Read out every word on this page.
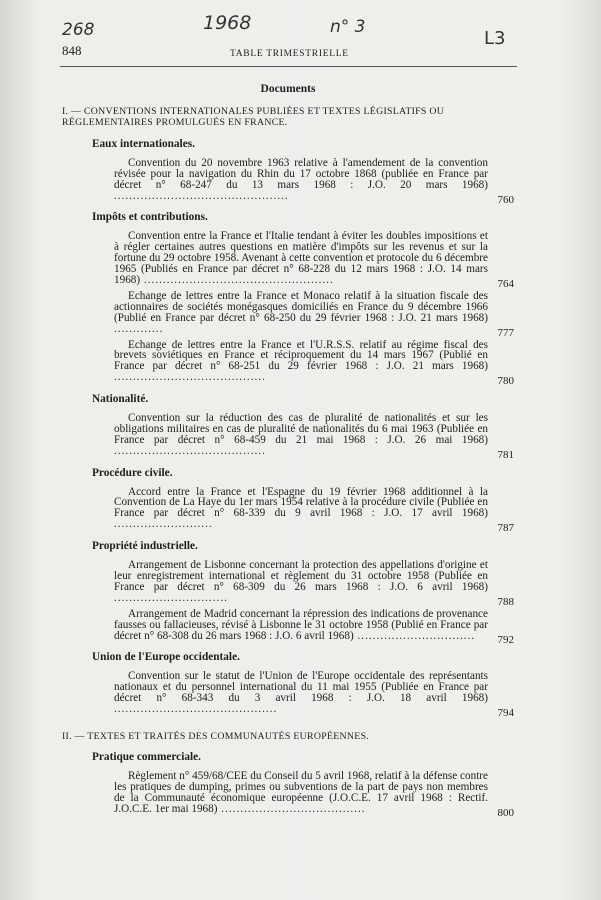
268	1968	n° 3
L3
848	TABLE TRIMESTRIELLE
Documents
I. — CONVENTIONS INTERNATIONALES PUBLIÉES ET TEXTES LÉGISLATIFS OU RÉGLEMENTAIRES PROMULGUÉS EN FRANCE.
Eaux internationales.
Convention du 20 novembre 1963 relative à l'amendement de la convention révisée pour la navigation du Rhin du 17 octobre 1868 (publiée en France par décret n° 68-247 du 13 mars 1968 : J.O. 20 mars 1968) ..............................................	760
Impôts et contributions.
Convention entre la France et l'Italie tendant à éviter les doubles impositions et à régler certaines autres questions en matière d'impôts sur les revenus et sur la fortune du 29 octobre 1958. Avenant à cette convention et protocole du 6 décembre 1965 (Publiés en France par décret n° 68-228 du 12 mars 1968 : J.O. 14 mars 1968) ..................................................	764
Echange de lettres entre la France et Monaco relatif à la situation fiscale des actionnaires de sociétés monégasques domiciliés en France du 9 décembre 1966 (Publié en France par décret n° 68-250 du 29 février 1968 : J.O. 21 mars 1968) .............	777
Echange de lettres entre la France et l'U.R.S.S. relatif au régime fiscal des brevets soviétiques en France et réciproquement du 14 mars 1967 (Publié en France par décret n° 68-251 du 29 février 1968 : J.O. 21 mars 1968) ........................................	780
Nationalité.
Convention sur la réduction des cas de pluralité de nationalités et sur les obligations militaires en cas de pluralité de nationalités du 6 mai 1963 (Publiée en France par décret n° 68-459 du 21 mai 1968 : J.O. 26 mai 1968) ........................................	781
Procédure civile.
Accord entre la France et l'Espagne du 19 février 1968 additionnel à la Convention de La Haye du 1er mars 1954 relative à la procédure civile (Publiée en France par décret n° 68-339 du 9 avril 1968 : J.O. 17 avril 1968) ..........................	787
Propriété industrielle.
Arrangement de Lisbonne concernant la protection des appellations d'origine et leur enregistrement international et règlement du 31 octobre 1958 (Publiée en France par décret n° 68-309 du 26 mars 1968 : J.O. 6 avril 1968) ..............................	788
Arrangement de Madrid concernant la répression des indications de provenance fausses ou fallacieuses, révisé à Lisbonne le 31 octobre 1958 (Publié en France par décret n° 68-308 du 26 mars 1968 : J.O. 6 avril 1968) ...............................	792
Union de l'Europe occidentale.
Convention sur le statut de l'Union de l'Europe occidentale des représentants nationaux et du personnel international du 11 mai 1955 (Publiée en France par décret n° 68-343 du 3 avril 1968 : J.O. 18 avril 1968) ...........................................	794
II. — TEXTES ET TRAITÉS DES COMMUNAUTÉS EUROPÉENNES.
Pratique commerciale.
Règlement n° 459/68/CEE du Conseil du 5 avril 1968, relatif à la défense contre les pratiques de dumping, primes ou subventions de la part de pays non membres de la Communauté économique européenne (J.O.C.E. 17 avril 1968 : Rectif. J.O.C.E. 1er mai 1968) ......................................	800
